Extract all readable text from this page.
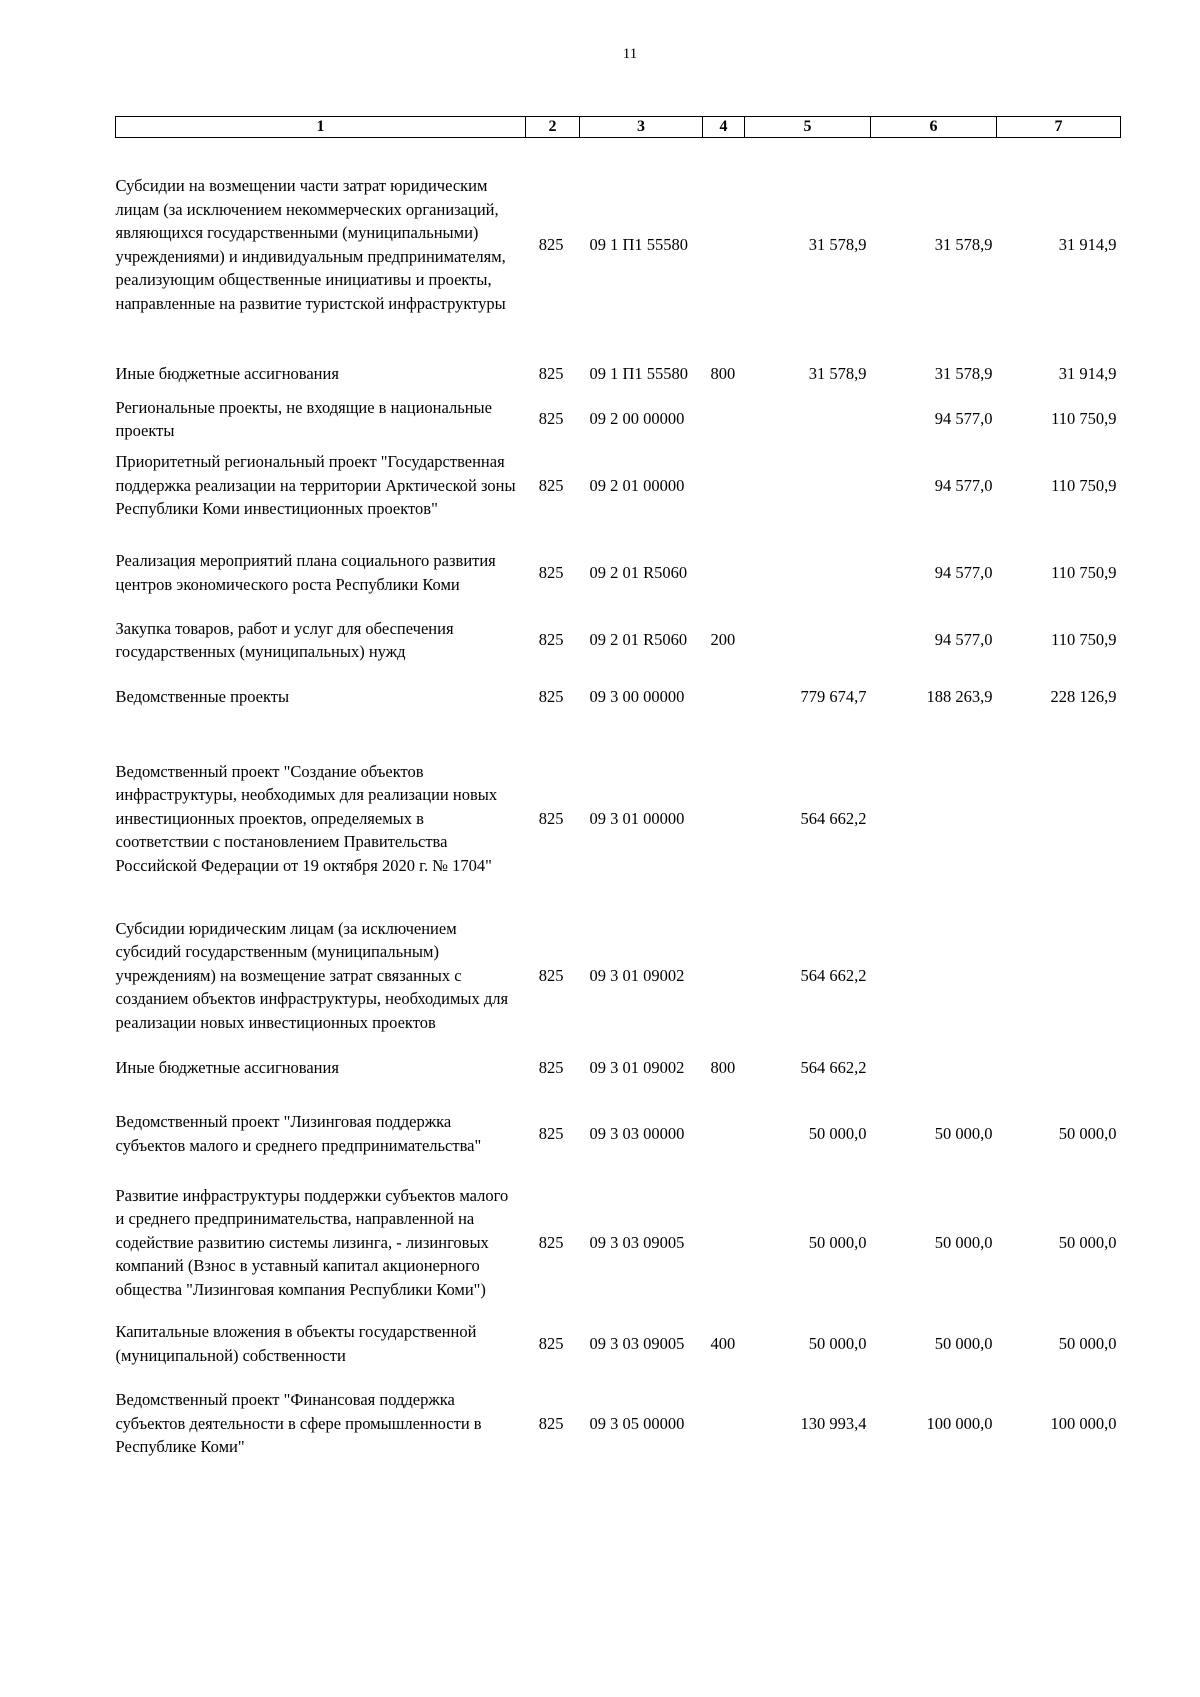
11
1	2	3	4	5	6	7
Субсидии на возмещении части затрат юридическим лицам (за исключением некоммерческих организаций, являющихся государственными (муниципальными) учреждениями) и индивидуальным предпринимателям, реализующим общественные инициативы и проекты, направленные на развитие туристской инфраструктуры	825	09 1 П1 55580		31 578,9	31 578,9	31 914,9
Иные бюджетные ассигнования	825	09 1 П1 55580	800	31 578,9	31 578,9	31 914,9
Региональные проекты, не входящие в национальные проекты	825	09 2 00 00000			94 577,0	110 750,9
Приоритетный региональный проект "Государственная поддержка реализации на территории Арктической зоны Республики Коми инвестиционных проектов"	825	09 2 01 00000			94 577,0	110 750,9
Реализация мероприятий плана социального развития центров экономического роста Республики Коми	825	09 2 01 R5060			94 577,0	110 750,9
Закупка товаров, работ и услуг для обеспечения государственных (муниципальных) нужд	825	09 2 01 R5060	200		94 577,0	110 750,9
Ведомственные проекты	825	09 3 00 00000		779 674,7	188 263,9	228 126,9
Ведомственный проект "Создание объектов инфраструктуры, необходимых для реализации новых инвестиционных проектов, определяемых в соответствии с постановлением Правительства Российской Федерации от 19 октября 2020 г. № 1704"	825	09 3 01 00000		564 662,2		
Субсидии юридическим лицам (за исключением субсидий государственным (муниципальным) учреждениям) на возмещение затрат связанных с созданием объектов инфраструктуры, необходимых для реализации новых инвестиционных проектов	825	09 3 01 09002		564 662,2		
Иные бюджетные ассигнования	825	09 3 01 09002	800	564 662,2		
Ведомственный проект "Лизинговая поддержка субъектов малого и среднего предпринимательства"	825	09 3 03 00000		50 000,0	50 000,0	50 000,0
Развитие инфраструктуры поддержки субъектов малого и среднего предпринимательства, направленной на содействие развитию системы лизинга, - лизинговых компаний (Взнос в уставный капитал акционерного общества "Лизинговая компания Республики Коми")	825	09 3 03 09005		50 000,0	50 000,0	50 000,0
Капитальные вложения в объекты государственной (муниципальной) собственности	825	09 3 03 09005	400	50 000,0	50 000,0	50 000,0
Ведомственный проект "Финансовая поддержка субъектов деятельности в сфере промышленности в Республике Коми"	825	09 3 05 00000		130 993,4	100 000,0	100 000,0
